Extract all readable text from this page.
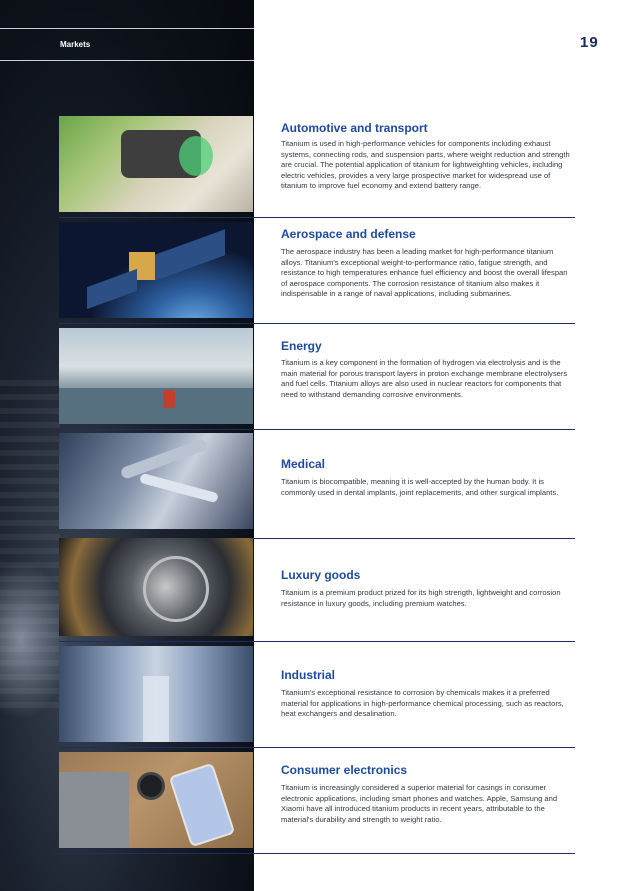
Markets	19
Automotive and transport
Titanium is used in high-performance vehicles for components including exhaust systems, connecting rods, and suspension parts, where weight reduction and strength are crucial. The potential application of titanium for lightweighting vehicles, including electric vehicles, provides a very large prospective market for widespread use of titanium to improve fuel economy and extend battery range.
Aerospace and defense
The aerospace industry has been a leading market for high-performance titanium alloys. Titanium's exceptional weight-to-performance ratio, fatigue strength, and resistance to high temperatures enhance fuel efficiency and boost the overall lifespan of aerospace components. The corrosion resistance of titanium also makes it indispensable in a range of naval applications, including submarines.
Energy
Titanium is a key component in the formation of hydrogen via electrolysis and is the main material for porous transport layers in proton exchange membrane electrolysers and fuel cells. Titanium alloys are also used in nuclear reactors for components that need to withstand demanding corrosive environments.
Medical
Titanium is biocompatible, meaning it is well-accepted by the human body. It is commonly used in dental implants, joint replacements, and other surgical implants.
Luxury goods
Titanium is a premium product prized for its high strength, lightweight and corrosion resistance in luxury goods, including premium watches.
Industrial
Titanium's exceptional resistance to corrosion by chemicals makes it a preferred material for applications in high-performance chemical processing, such as reactors, heat exchangers and desalination.
Consumer electronics
Titanium is increasingly considered a superior material for casings in consumer electronic applications, including smart phones and watches. Apple, Samsung and Xiaomi have all introduced titanium products in recent years, attributable to the material's durability and strength to weight ratio.
